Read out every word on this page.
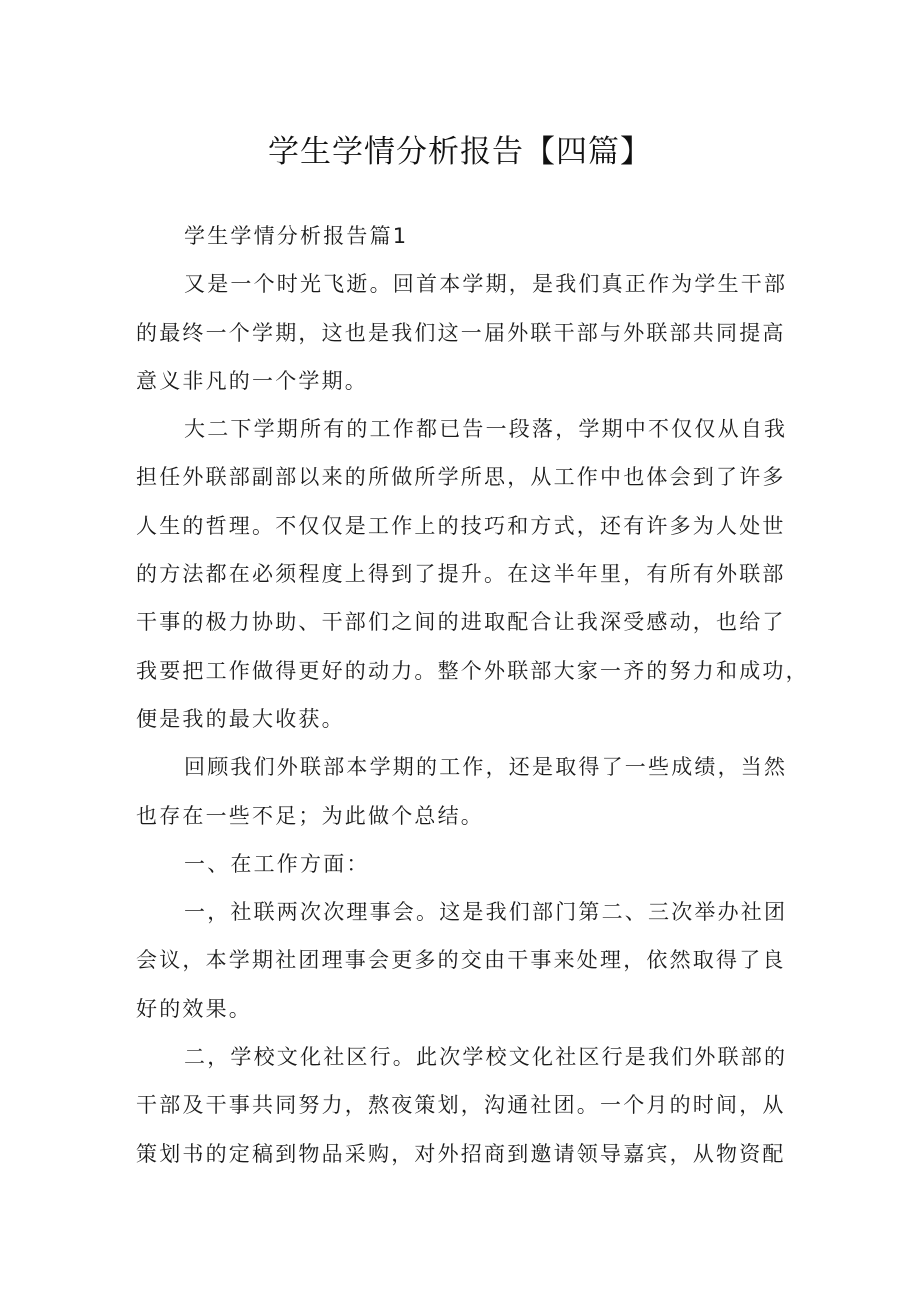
学生学情分析报告【四篇】
学生学情分析报告篇1
又是一个时光飞逝。回首本学期，是我们真正作为学生干部
的最终一个学期，这也是我们这一届外联干部与外联部共同提高
意义非凡的一个学期。
大二下学期所有的工作都已告一段落，学期中不仅仅从自我
担任外联部副部以来的所做所学所思，从工作中也体会到了许多
人生的哲理。不仅仅是工作上的技巧和方式，还有许多为人处世
的方法都在必须程度上得到了提升。在这半年里，有所有外联部
干事的极力协助、干部们之间的进取配合让我深受感动，也给了
我要把工作做得更好的动力。整个外联部大家一齐的努力和成功，
便是我的最大收获。
回顾我们外联部本学期的工作，还是取得了一些成绩，当然
也存在一些不足；为此做个总结。
一、在工作方面：
一，社联两次次理事会。这是我们部门第二、三次举办社团
会议，本学期社团理事会更多的交由干事来处理，依然取得了良
好的效果。
二，学校文化社区行。此次学校文化社区行是我们外联部的
干部及干事共同努力，熬夜策划，沟通社团。一个月的时间，从
策划书的定稿到物品采购，对外招商到邀请领导嘉宾，从物资配
